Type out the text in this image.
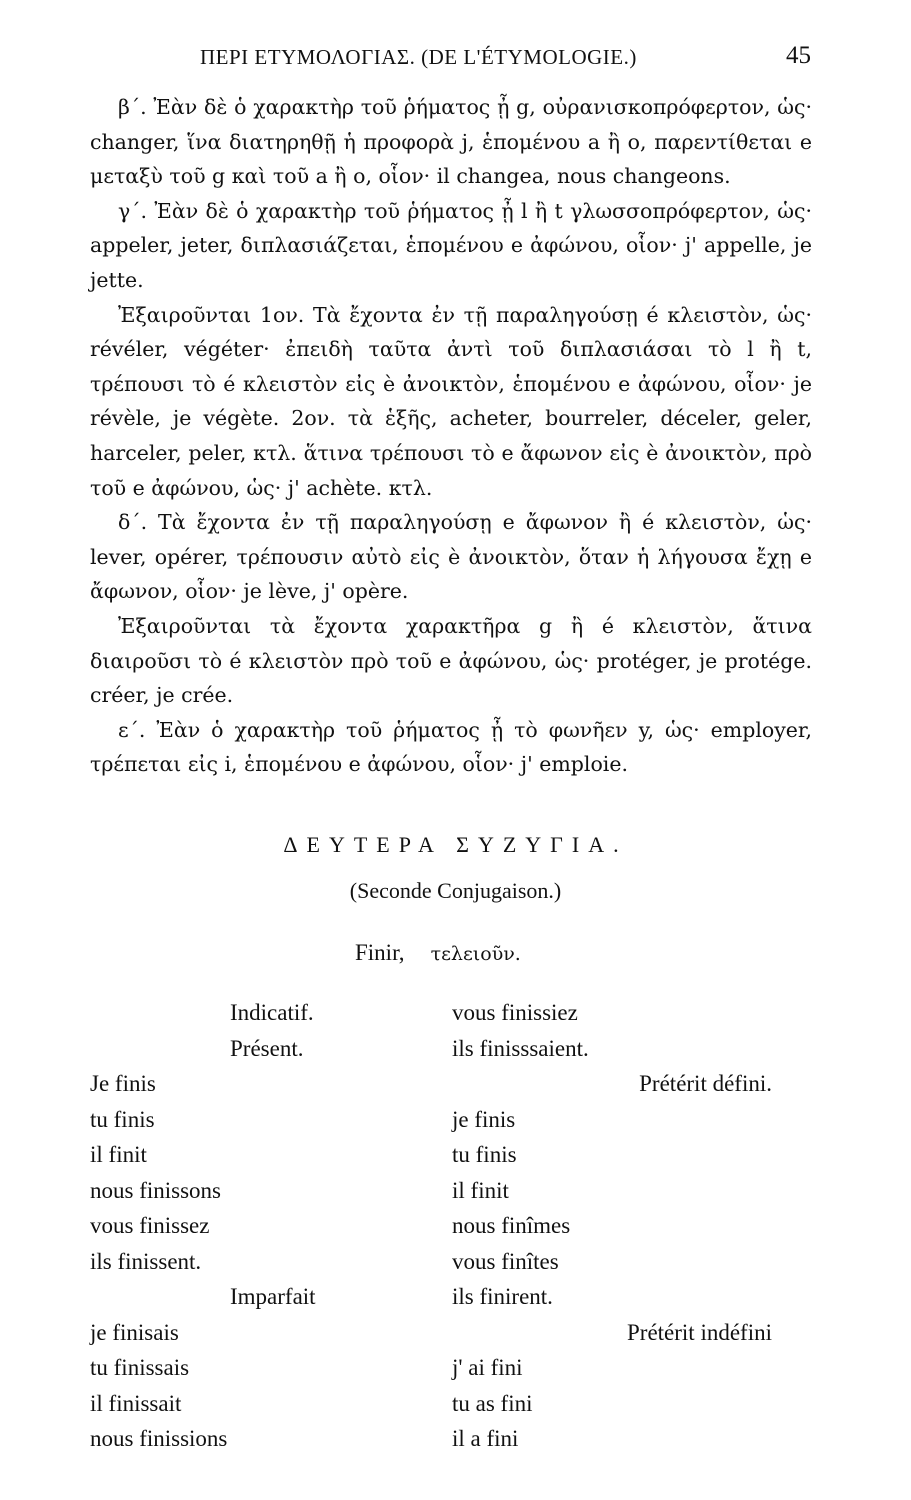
ΠΕΡΙ ΕΤΥΜΟΛΟΓΙΑΣ. (DE L'ÉTYMOLOGIE.)	45

β΄. Ἐὰν δὲ ὁ χαρακτὴρ τοῦ ῥήματος ᾖ g, οὐρανισκοπρόφερτον, ὡς· changer, ἵνα διατηρηθῇ ἡ προφορὰ j, ἑπομένου a ἢ o, παρεντίθεται e μεταξὺ τοῦ g καὶ τοῦ a ἢ o, οἷον· il changea, nous changeons.

γ΄. Ἐὰν δὲ ὁ χαρακτὴρ τοῦ ῥήματος ᾖ l ἢ t γλωσσοπρόφερτον, ὡς· appeler, jeter, διπλασιάζεται, ἑπομένου e ἀφώνου, οἷον· j' appelle, je jette.

Ἐξαιροῦνται 1ον. Τὰ ἔχοντα ἐν τῇ παραληγούσῃ é κλειστὸν, ὡς· révéler, végéter· ἐπειδὴ ταῦτα ἀντὶ τοῦ διπλασιάσαι τὸ l ἢ t, τρέπουσι τὸ é κλειστὸν εἰς è ἀνοικτὸν, ἑπομένου e ἀφώνου, οἷον· je révèle, je végète. 2ον. τὰ ἑξῆς, acheter, bourreler, déceler, geler, harceler, peler, κτλ. ἅτινα τρέπουσι τὸ e ἄφωνον εἰς è ἀνοικτὸν, πρὸ τοῦ e ἀφώνου, ὡς· j' achète. κτλ.

δ΄. Τὰ ἔχοντα ἐν τῇ παραληγούσῃ e ἄφωνον ἢ é κλειστὸν, ὡς· lever, opérer, τρέπουσιν αὐτὸ εἰς è ἀνοικτὸν, ὅταν ἡ λήγουσα ἔχῃ e ἄφωνον, οἷον· je lève, j' opère.

Ἐξαιροῦνται τὰ ἔχοντα χαρακτῆρα g ἢ é κλειστὸν, ἅτινα διαιροῦσι τὸ é κλειστὸν πρὸ τοῦ e ἀφώνου, ὡς· protéger, je protége. créer, je crée.

ε΄. Ἐὰν ὁ χαρακτὴρ τοῦ ῥήματος ᾖ τὸ φωνῆεν y, ὡς· employer, τρέπεται εἰς i, ἑπομένου e ἀφώνου, οἷον· j' emploie.

ΔΕΥΤΕΡΑ ΣΥΖΥΓΙΑ.
(Seconde Conjugaison.)
Finir, τελειοῦν.
Indicatif.
Présent.
Je finis
tu finis
il finit
nous finissons
vous finissez
ils finissent.
Imparfait
je finisais
tu finissais
il finissait
nous finissions
vous finissiez
ils finisssaient.
Prétérit défini.
je finis
tu finis
il finit
nous finîmes
vous finîtes
ils finirent.
Prétérit indéfini
j' ai fini
tu as fini
il a fini
